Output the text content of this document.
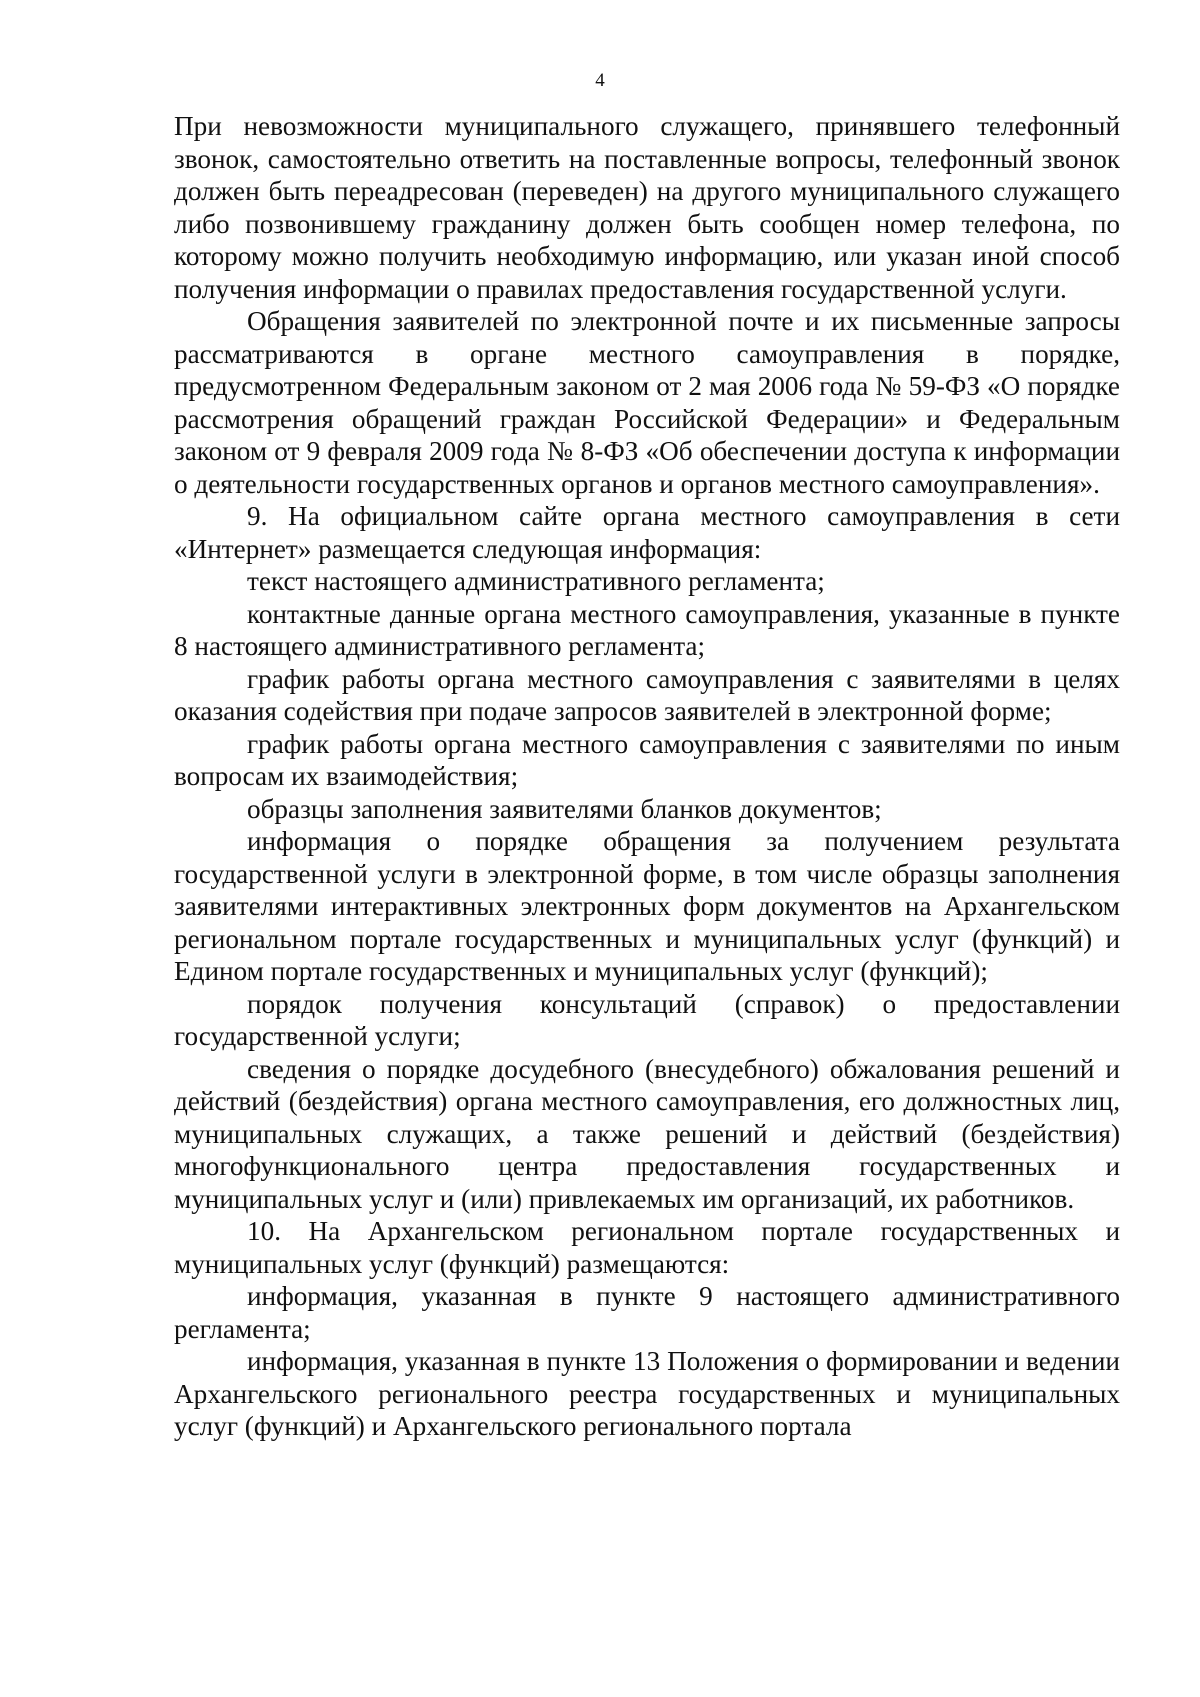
4

При невозможности муниципального служащего, принявшего телефонный звонок, самостоятельно ответить на поставленные вопросы, телефонный звонок должен быть переадресован (переведен) на другого муниципального служащего либо позвонившему гражданину должен быть сообщен номер телефона, по которому можно получить необходимую информацию, или указан иной способ получения информации о правилах предоставления государственной услуги.

Обращения заявителей по электронной почте и их письменные запросы рассматриваются в органе местного самоуправления в порядке, предусмотренном Федеральным законом от 2 мая 2006 года № 59-ФЗ «О порядке рассмотрения обращений граждан Российской Федерации» и Федеральным законом от 9 февраля 2009 года № 8-ФЗ «Об обеспечении доступа к информации о деятельности государственных органов и органов местного самоуправления».

9. На официальном сайте органа местного самоуправления в сети «Интернет» размещается следующая информация:

текст настоящего административного регламента;

контактные данные органа местного самоуправления, указанные в пункте 8 настоящего административного регламента;

график работы органа местного самоуправления с заявителями в целях оказания содействия при подаче запросов заявителей в электронной форме;

график работы органа местного самоуправления с заявителями по иным вопросам их взаимодействия;

образцы заполнения заявителями бланков документов;

информация о порядке обращения за получением результата государственной услуги в электронной форме, в том числе образцы заполнения заявителями интерактивных электронных форм документов на Архангельском региональном портале государственных и муниципальных услуг (функций) и Едином портале государственных и муниципальных услуг (функций);

порядок получения консультаций (справок) о предоставлении государственной услуги;

сведения о порядке досудебного (внесудебного) обжалования решений и действий (бездействия) органа местного самоуправления, его должностных лиц, муниципальных служащих, а также решений и действий (бездействия) многофункционального центра предоставления государственных и муниципальных услуг и (или) привлекаемых им организаций, их работников.

10. На Архангельском региональном портале государственных и муниципальных услуг (функций) размещаются:

информация, указанная в пункте 9 настоящего административного регламента;

информация, указанная в пункте 13 Положения о формировании и ведении Архангельского регионального реестра государственных и муниципальных услуг (функций) и Архангельского регионального портала
